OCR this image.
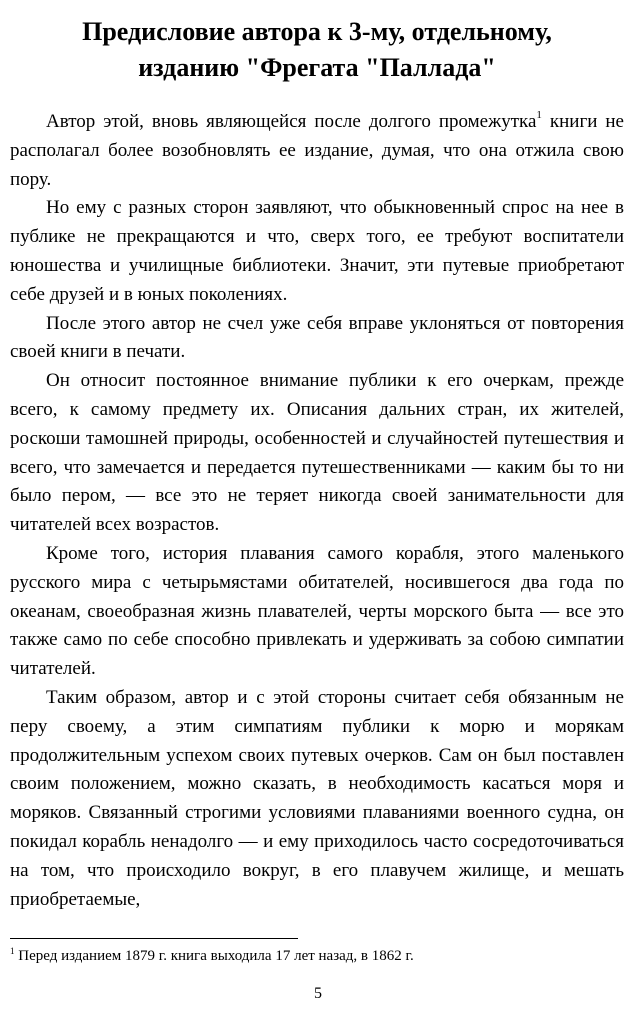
Предисловие автора к 3-му, отдельному,
изданию "Фрегата "Паллада"

Автор этой, вновь являющейся после долгого промежутка$^1$ книги не располагал более возобновлять ее издание, думая, что она отжила свою пору.

Но ему с разных сторон заявляют, что обыкновенный спрос на нее в публике не прекращаются и что, сверх того, ее требуют воспитатели юношества и училищные библиотеки. Значит, эти путевые приобретают себе друзей и в юных поколениях.

После этого автор не счел уже себя вправе уклоняться от повторения своей книги в печати.

Он относит постоянное внимание публики к его очеркам, прежде всего, к самому предмету их. Описания дальних стран, их жителей, роскоши тамошней природы, особенностей и случайностей путешествия и всего, что замечается и передается путешественниками — каким бы то ни было пером, — все это не теряет никогда своей занимательности для читателей всех возрастов.

Кроме того, история плавания самого корабля, этого маленького русского мира с четырьмястами обитателей, носившегося два года по океанам, своеобразная жизнь плавателей, черты морского быта — все это также само по себе способно привлекать и удерживать за собою симпатии читателей.

Таким образом, автор и с этой стороны считает себя обязанным не перу своему, а этим симпатиям публики к морю и морякам продолжительным успехом своих путевых очерков. Сам он был поставлен своим положением, можно сказать, в необходимость касаться моря и моряков. Связанный строгими условиями плаваниями военного судна, он покидал корабль ненадолго — и ему приходилось часто сосредоточиваться на том, что происходило вокруг, в его плавучем жилище, и мешать приобретаемые,

$^1$ Перед изданием 1879 г. книга выходила 17 лет назад, в 1862 г.
5
